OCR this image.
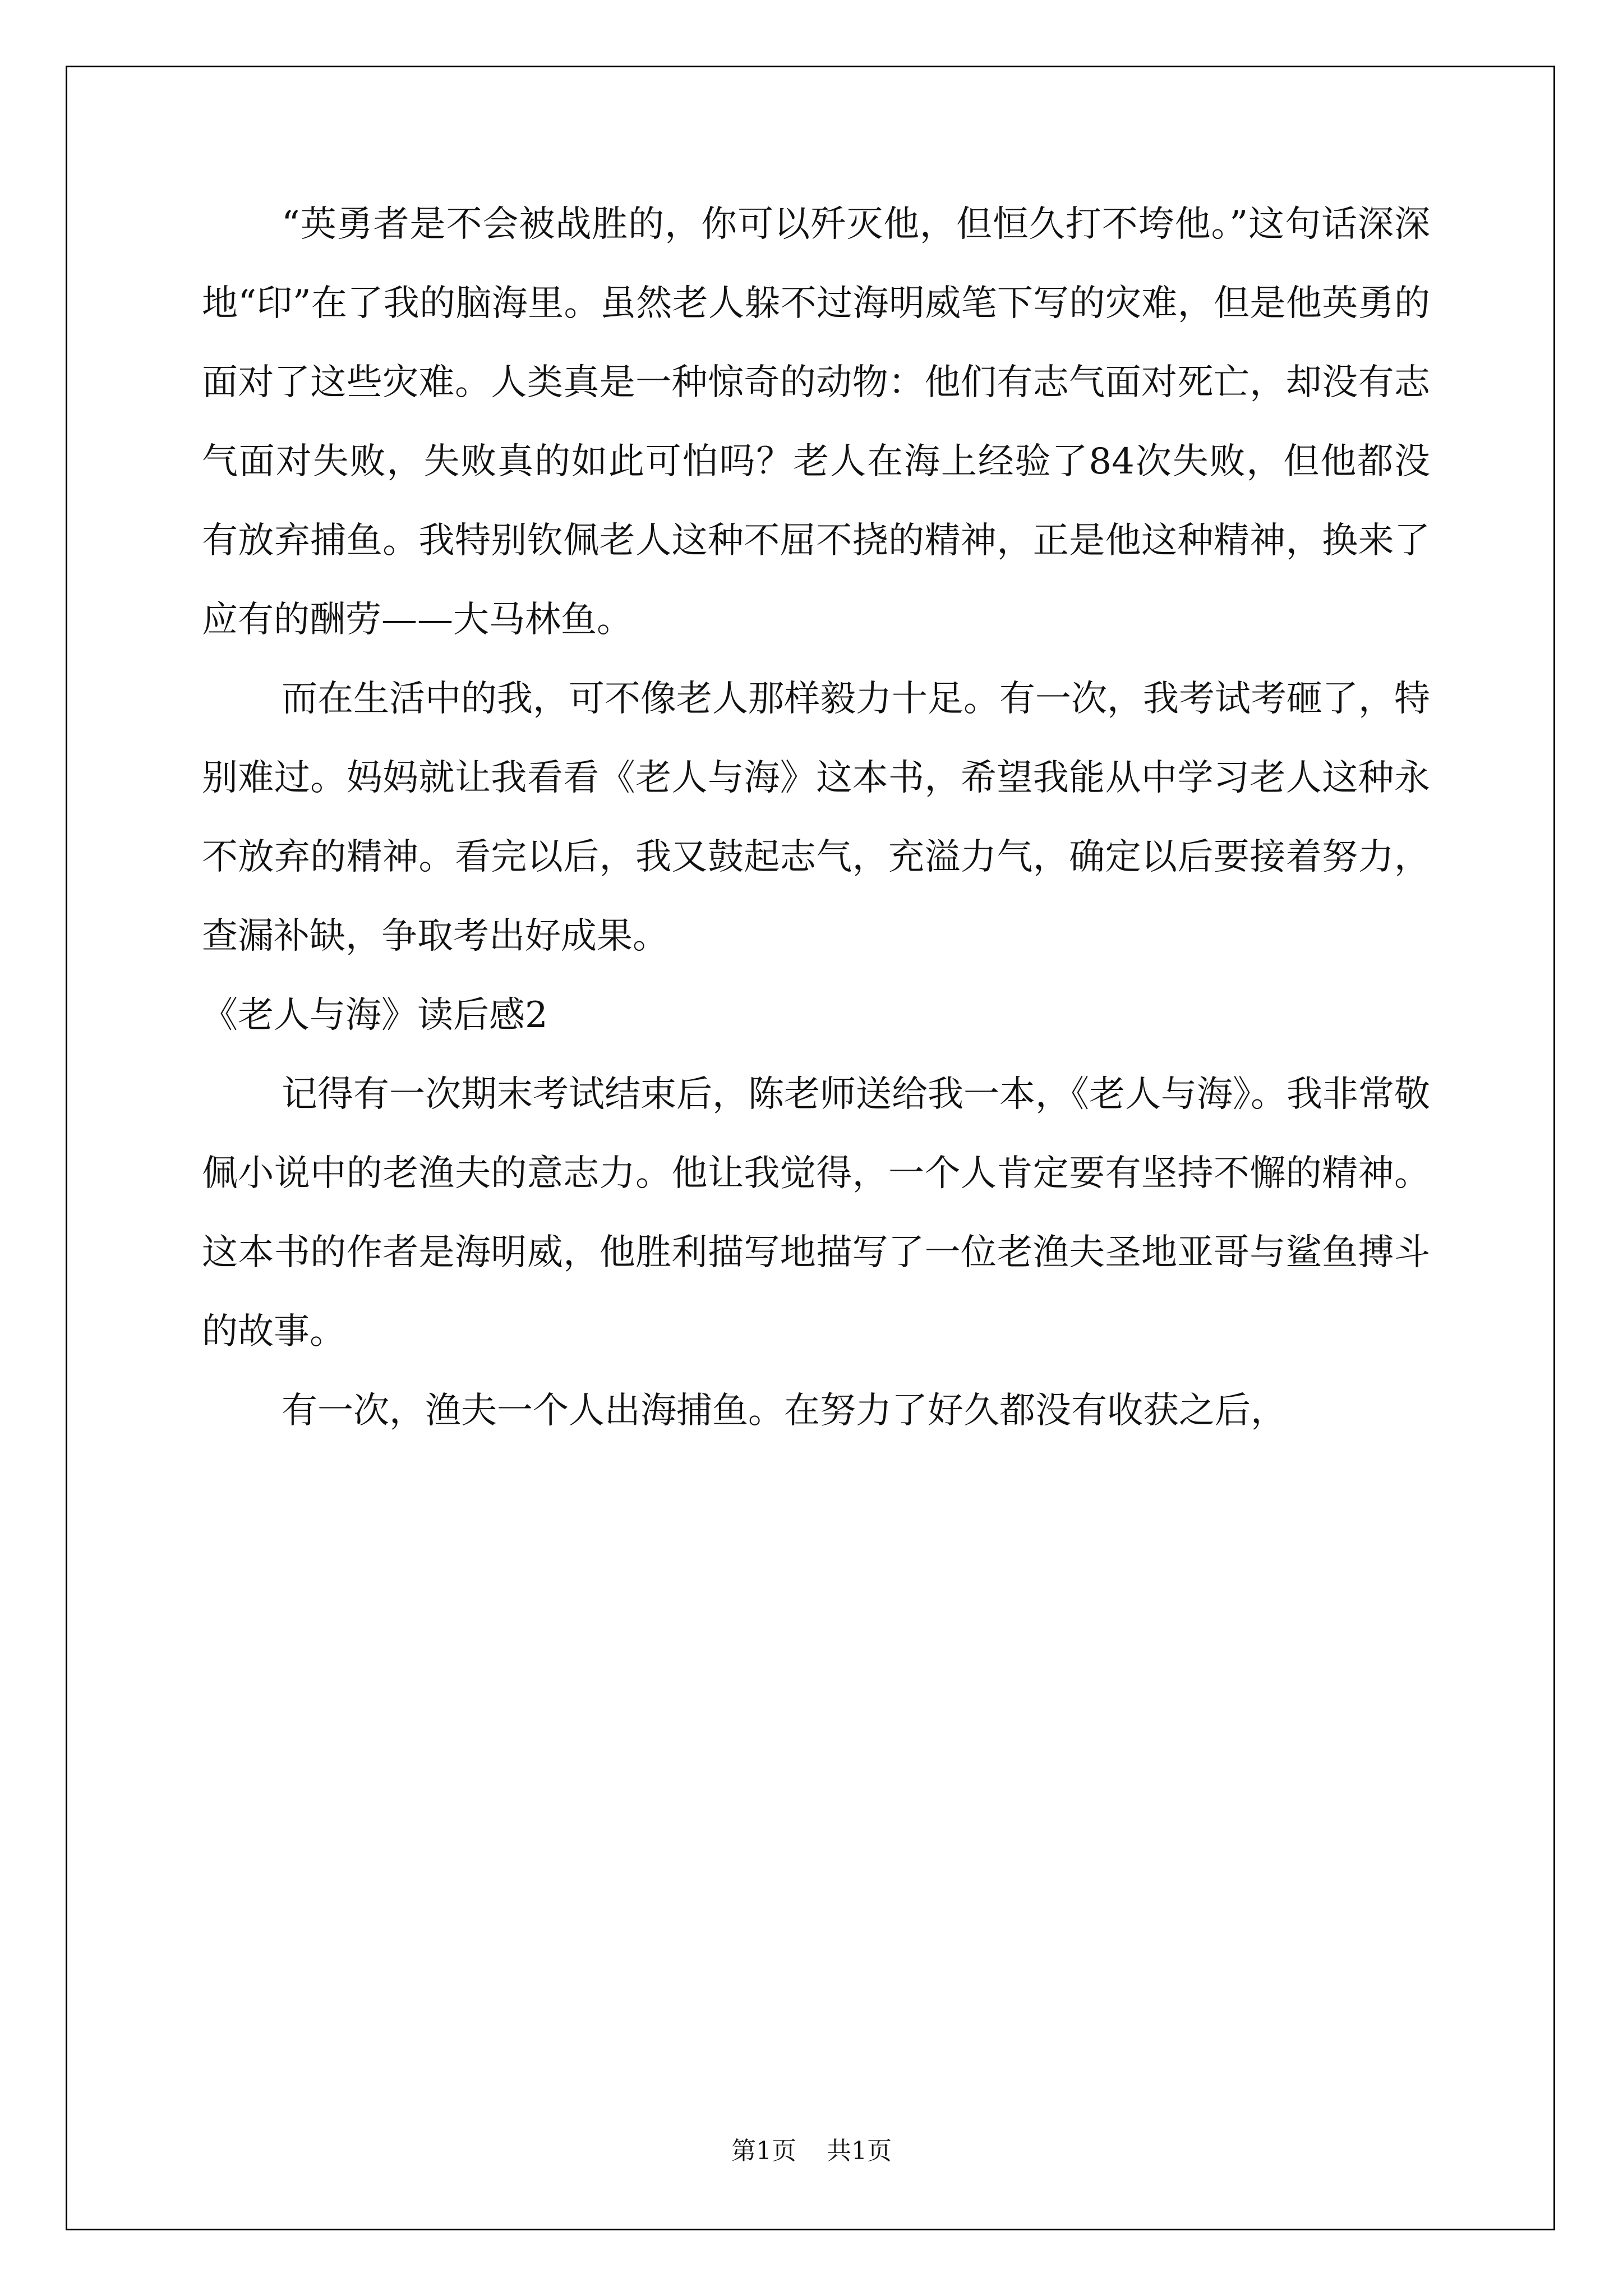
“英勇者是不会被战胜的，你可以歼灭他，但恒久打不垮他。”这句话深深地“印”在了我的脑海里。虽然老人躲不过海明威笔下写的灾难，但是他英勇的面对了这些灾难。人类真是一种惊奇的动物：他们有志气面对死亡，却没有志气面对失败，失败真的如此可怕吗？老人在海上经验了84次失败，但他都没有放弃捕鱼。我特别钦佩老人这种不屈不挠的精神，正是他这种精神，换来了应有的酬劳——大马林鱼。

而在生活中的我，可不像老人那样毅力十足。有一次，我考试考砸了，特别难过。妈妈就让我看看《老人与海》这本书，希望我能从中学习老人这种永不放弃的精神。看完以后，我又鼓起志气，充溢力气，确定以后要接着努力，查漏补缺，争取考出好成果。

《老人与海》读后感2

记得有一次期末考试结束后，陈老师送给我一本，《老人与海》。我非常敬佩小说中的老渔夫的意志力。他让我觉得，一个人肯定要有坚持不懈的精神。这本书的作者是海明威，他胜利描写地描写了一位老渔夫圣地亚哥与鲨鱼搏斗的故事。

有一次，渔夫一个人出海捕鱼。在努力了好久都没有收获之后，

第1页 共1页
